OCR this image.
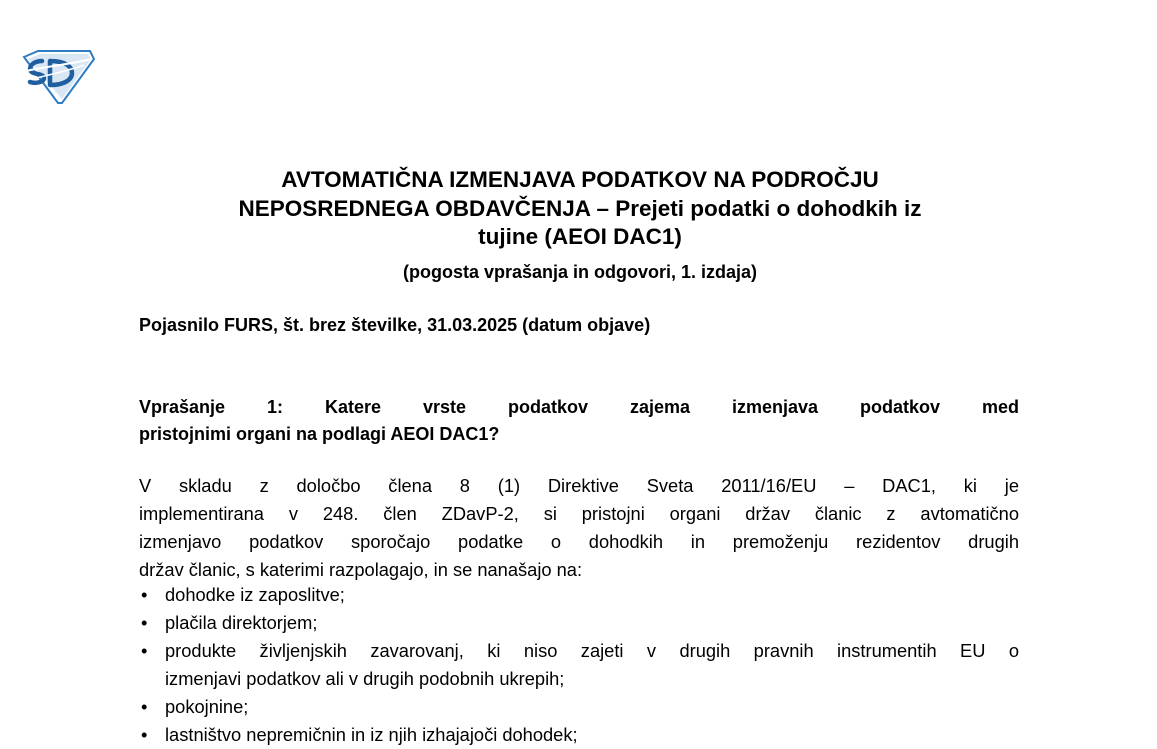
AVTOMATIČNA IZMENJAVA PODATKOV NA PODROČJU
NEPOSREDNEGA OBDAVČENJA – Prejeti podatki o dohodkih iz
tujine (AEOI DAC1)
(pogosta vprašanja in odgovori, 1. izdaja)
Pojasnilo FURS, št. brez številke, 31.03.2025 (datum objave)
Vprašanje 1: Katere vrste podatkov zajema izmenjava podatkov med
pristojnimi organi na podlagi AEOI DAC1?
V skladu z določbo člena 8 (1) Direktive Sveta 2011/16/EU – DAC1, ki je
implementirana v 248. člen ZDavP-2, si pristojni organi držav članic z avtomatično
izmenjavo podatkov sporočajo podatke o dohodkih in premoženju rezidentov drugih
držav članic, s katerimi razpolagajo, in se nanašajo na:
• dohodke iz zaposlitve;
• plačila direktorjem;
• produkte življenjskih zavarovanj, ki niso zajeti v drugih pravnih instrumentih EU o
izmenjavi podatkov ali v drugih podobnih ukrepih;
• pokojnine;
• lastništvo nepremičnin in iz njih izhajajoči dohodek;
